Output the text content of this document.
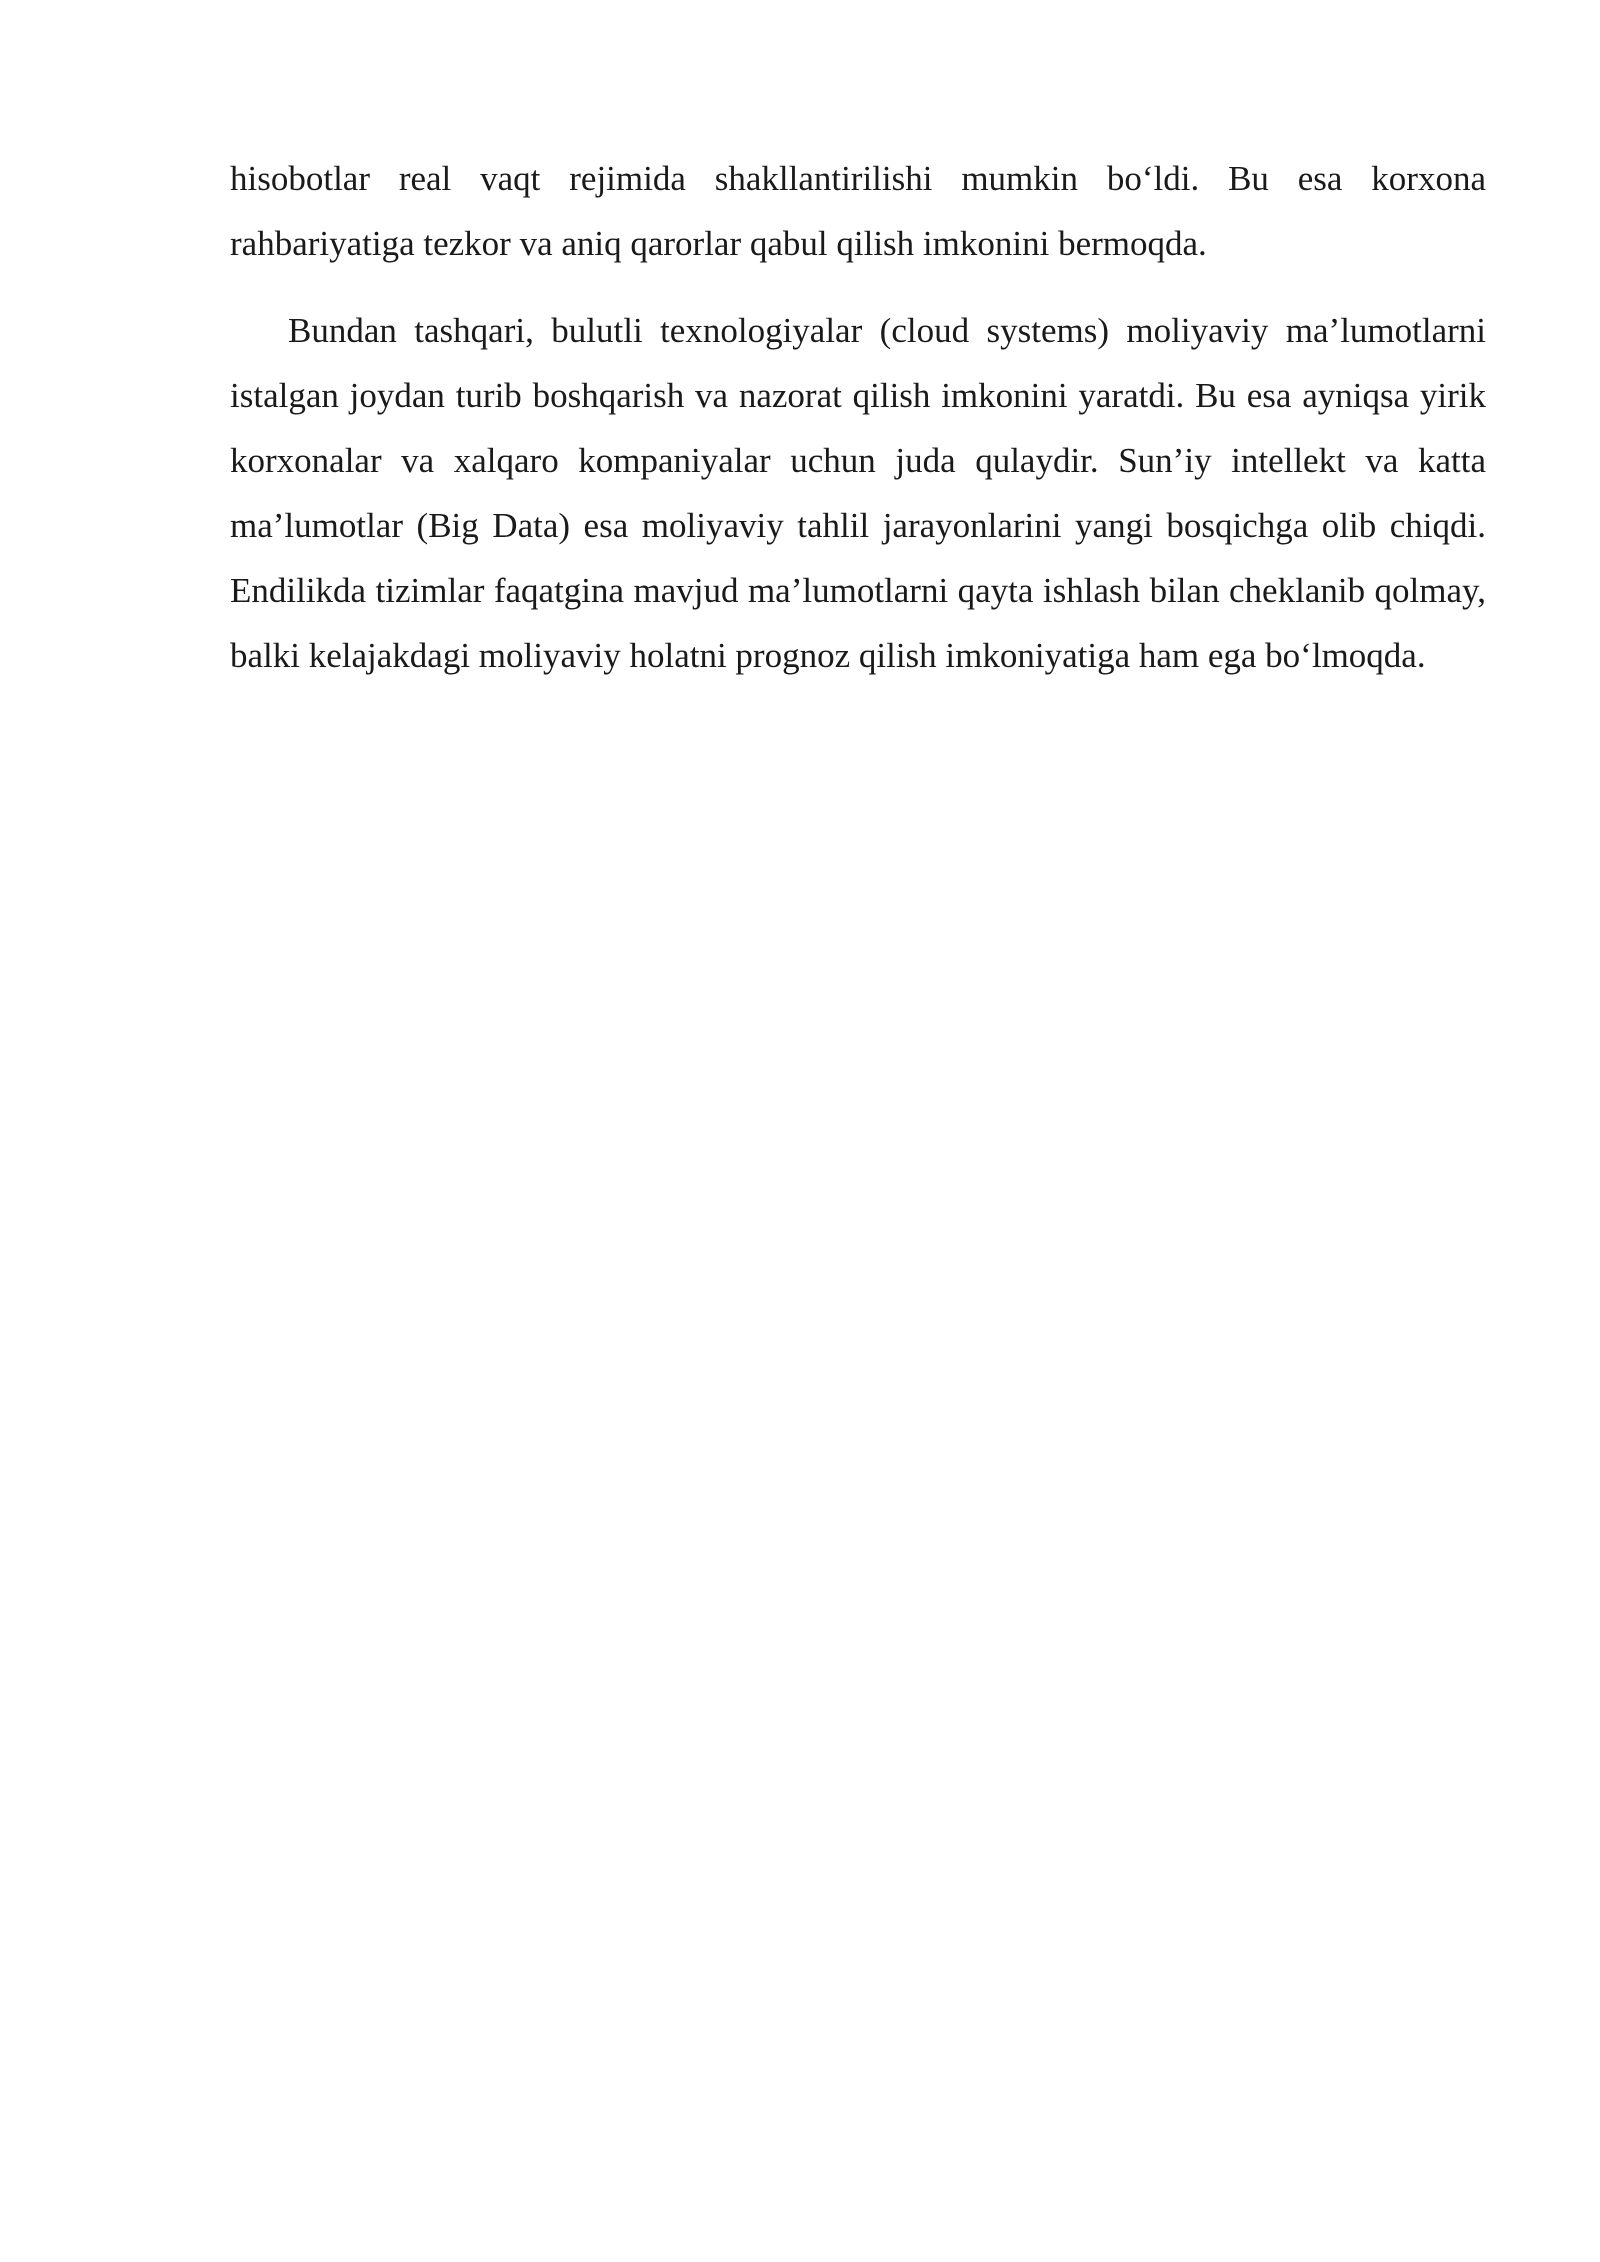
hisobotlar real vaqt rejimida shakllantirilishi mumkin bo‘ldi. Bu esa korxona rahbariyatiga tezkor va aniq qarorlar qabul qilish imkonini bermoqda.

Bundan tashqari, bulutli texnologiyalar (cloud systems) moliyaviy ma’lumotlarni istalgan joydan turib boshqarish va nazorat qilish imkonini yaratdi. Bu esa ayniqsa yirik korxonalar va xalqaro kompaniyalar uchun juda qulaydir. Sun’iy intellekt va katta ma’lumotlar (Big Data) esa moliyaviy tahlil jarayonlarini yangi bosqichga olib chiqdi. Endilikda tizimlar faqatgina mavjud ma’lumotlarni qayta ishlash bilan cheklanib qolmay, balki kelajakdagi moliyaviy holatni prognoz qilish imkoniyatiga ham ega bo‘lmoqda.
